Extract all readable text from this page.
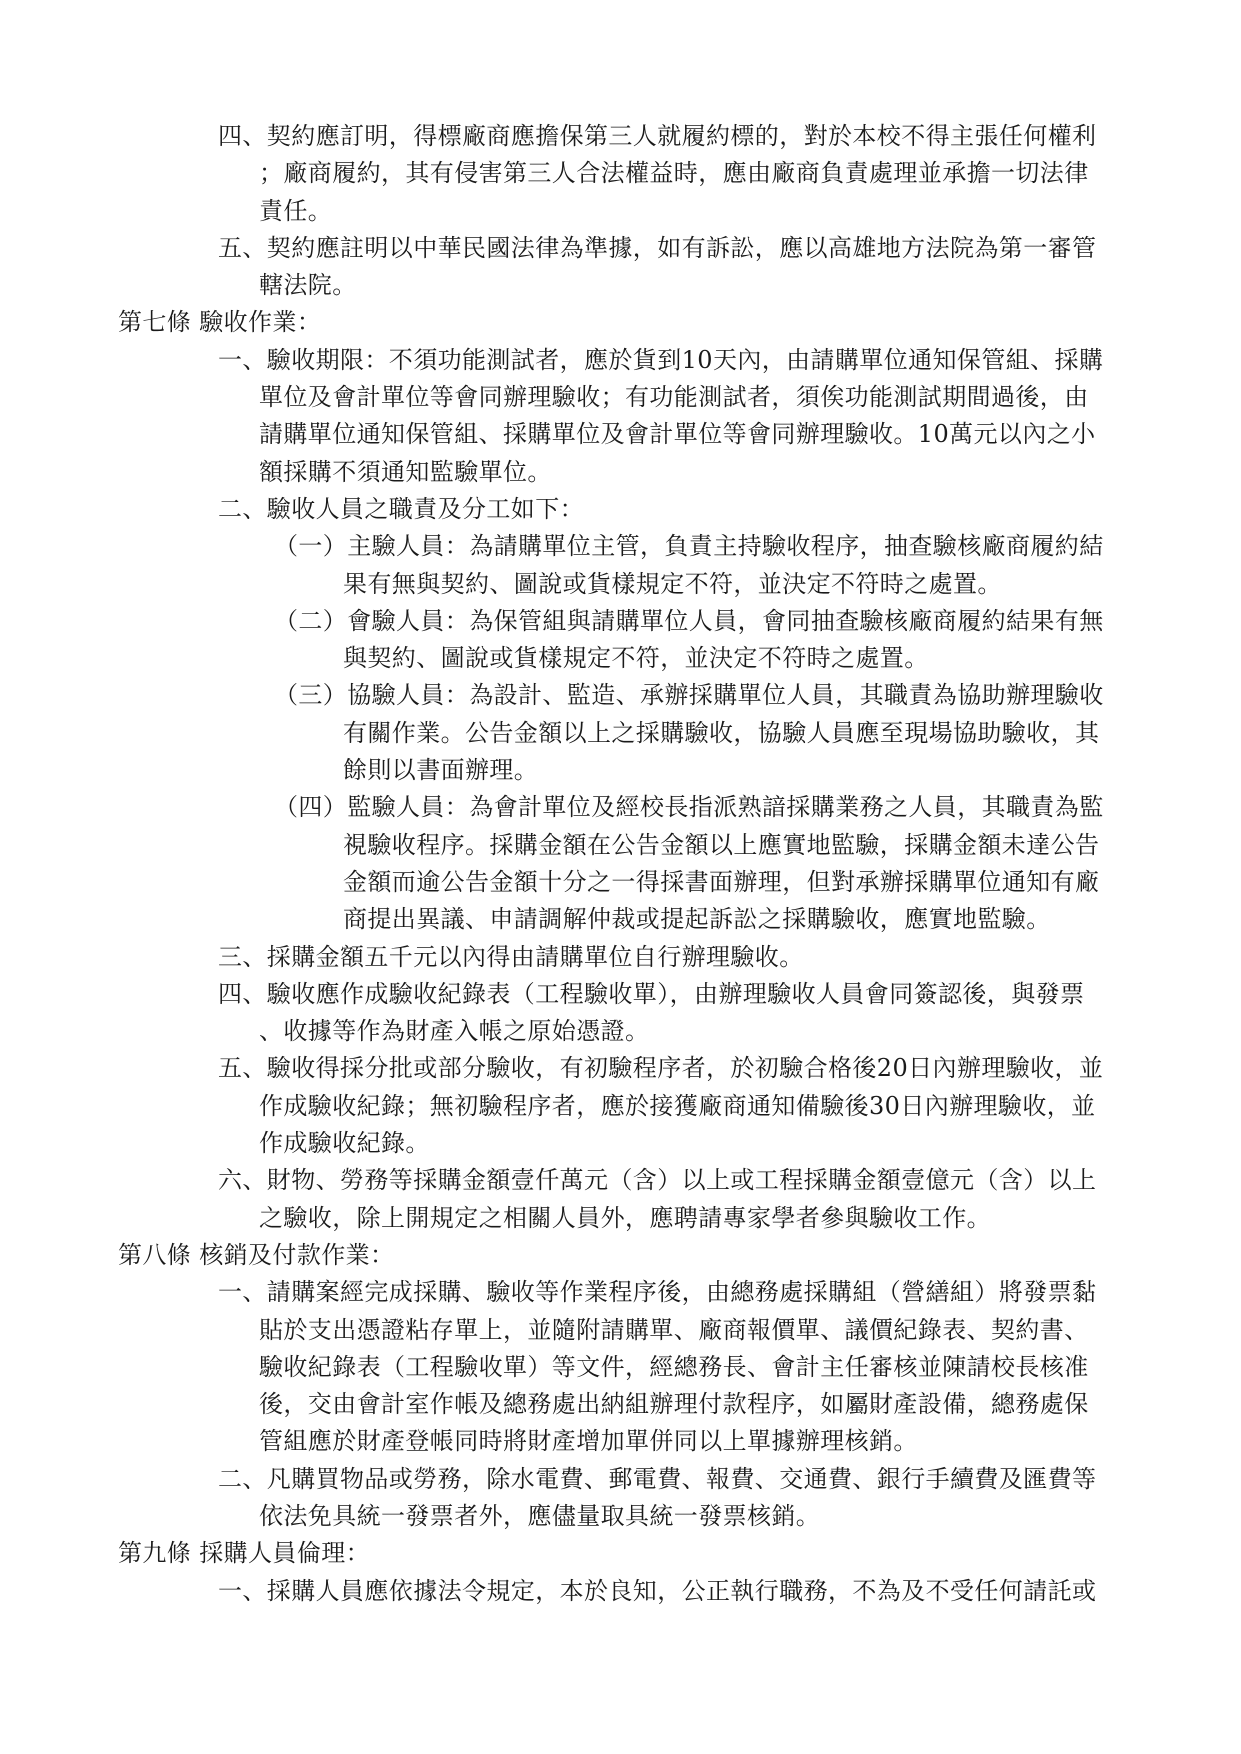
四、契約應訂明，得標廠商應擔保第三人就履約標的，對於本校不得主張任何權利
；廠商履約，其有侵害第三人合法權益時，應由廠商負責處理並承擔一切法律
責任。
五、契約應註明以中華民國法律為準據，如有訴訟，應以高雄地方法院為第一審管
轄法院。
第七條 驗收作業：
一、驗收期限：不須功能測試者，應於貨到10天內，由請購單位通知保管組、採購
單位及會計單位等會同辦理驗收；有功能測試者，須俟功能測試期間過後，由
請購單位通知保管組、採購單位及會計單位等會同辦理驗收。10萬元以內之小
額採購不須通知監驗單位。
二、驗收人員之職責及分工如下：
（一）主驗人員：為請購單位主管，負責主持驗收程序，抽查驗核廠商履約結
果有無與契約、圖說或貨樣規定不符，並決定不符時之處置。
（二）會驗人員：為保管組與請購單位人員，會同抽查驗核廠商履約結果有無
與契約、圖說或貨樣規定不符，並決定不符時之處置。
（三）協驗人員：為設計、監造、承辦採購單位人員，其職責為協助辦理驗收
有關作業。公告金額以上之採購驗收，協驗人員應至現場協助驗收，其
餘則以書面辦理。
（四）監驗人員：為會計單位及經校長指派熟諳採購業務之人員，其職責為監
視驗收程序。採購金額在公告金額以上應實地監驗，採購金額未達公告
金額而逾公告金額十分之一得採書面辦理，但對承辦採購單位通知有廠
商提出異議、申請調解仲裁或提起訴訟之採購驗收，應實地監驗。
三、採購金額五千元以內得由請購單位自行辦理驗收。
四、驗收應作成驗收紀錄表（工程驗收單），由辦理驗收人員會同簽認後，與發票
、收據等作為財產入帳之原始憑證。
五、驗收得採分批或部分驗收，有初驗程序者，於初驗合格後20日內辦理驗收，並
作成驗收紀錄；無初驗程序者，應於接獲廠商通知備驗後30日內辦理驗收，並
作成驗收紀錄。
六、財物、勞務等採購金額壹仟萬元（含）以上或工程採購金額壹億元（含）以上
之驗收，除上開規定之相關人員外，應聘請專家學者參與驗收工作。
第八條 核銷及付款作業：
一、請購案經完成採購、驗收等作業程序後，由總務處採購組（營繕組）將發票黏
貼於支出憑證粘存單上，並隨附請購單、廠商報價單、議價紀錄表、契約書、
驗收紀錄表（工程驗收單）等文件，經總務長、會計主任審核並陳請校長核准
後，交由會計室作帳及總務處出納組辦理付款程序，如屬財產設備，總務處保
管組應於財產登帳同時將財產增加單併同以上單據辦理核銷。
二、凡購買物品或勞務，除水電費、郵電費、報費、交通費、銀行手續費及匯費等
依法免具統一發票者外，應儘量取具統一發票核銷。
第九條 採購人員倫理：
一、採購人員應依據法令規定，本於良知，公正執行職務，不為及不受任何請託或
